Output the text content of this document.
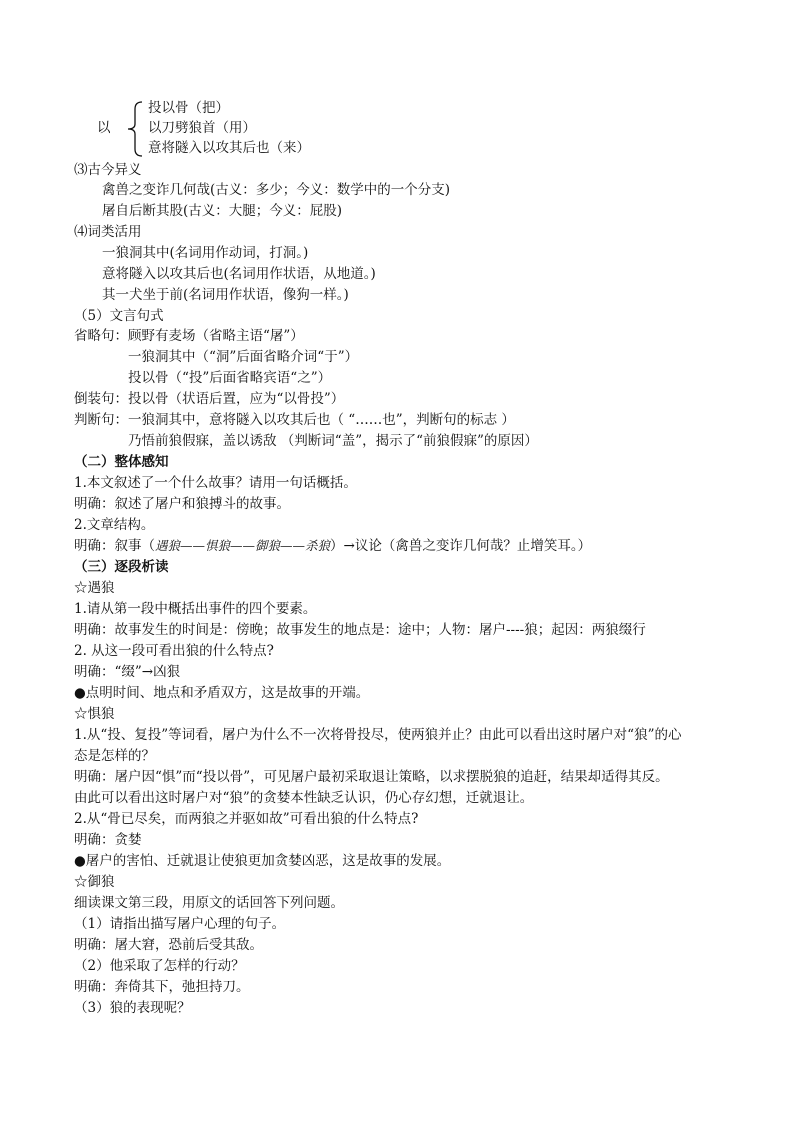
以
投以骨（把）
以刀劈狼首（用）
意将隧入以攻其后也（来）
⑶古今异义
禽兽之变诈几何哉(古义：多少；今义：数学中的一个分支)
屠自后断其股(古义：大腿；今义：屁股)
⑷词类活用
一狼洞其中(名词用作动词，打洞。)
意将隧入以攻其后也(名词用作状语，从地道。)
其一犬坐于前(名词用作状语，像狗一样。)
（5）文言句式
省略句： 顾野有麦场（省略主语“屠”）
一狼洞其中（“洞”后面省略介词“于”）
投以骨（“投”后面省略宾语“之”）
倒装句：投以骨（状语后置，应为“以骨投”）
判断句：一狼洞其中，意将隧入以攻其后也（ “……也”，判断句的标志 ）
乃悟前狼假寐，盖以诱敌 （判断词“盖”，揭示了“前狼假寐”的原因）
（二）整体感知
1.本文叙述了一个什么故事？请用一句话概括。
明确：叙述了屠户和狼搏斗的故事。
2.文章结构。
明确：叙事（遇狼——惧狼——御狼——杀狼）→议论（禽兽之变诈几何哉？止增笑耳。）
（三）逐段析读
☆遇狼
1.请从第一段中概括出事件的四个要素。
明确：故事发生的时间是：傍晚；故事发生的地点是：途中；人物：屠户----狼；起因：两狼缀行
2. 从这一段可看出狼的什么特点?
明确：“缀”→凶狠
●点明时间、地点和矛盾双方，这是故事的开端。
☆惧狼
1.从“投、复投”等词看，屠户为什么不一次将骨投尽，使两狼并止？由此可以看出这时屠户对“狼”的心
态是怎样的？
明确：屠户因“惧”而“投以骨”，可见屠户最初采取退让策略，以求摆脱狼的追赶，结果却适得其反。
由此可以看出这时屠户对“狼”的贪婪本性缺乏认识，仍心存幻想，迁就退让。
2.从“骨已尽矣，而两狼之并驱如故”可看出狼的什么特点?
明确：贪婪
●屠户的害怕、迁就退让使狼更加贪婪凶恶，这是故事的发展。
☆御狼
细读课文第三段，用原文的话回答下列问题。
（1）请指出描写屠户心理的句子。
明确：屠大窘，恐前后受其敌。
（2）他采取了怎样的行动？
明确：奔倚其下，弛担持刀。
（3）狼的表现呢？
